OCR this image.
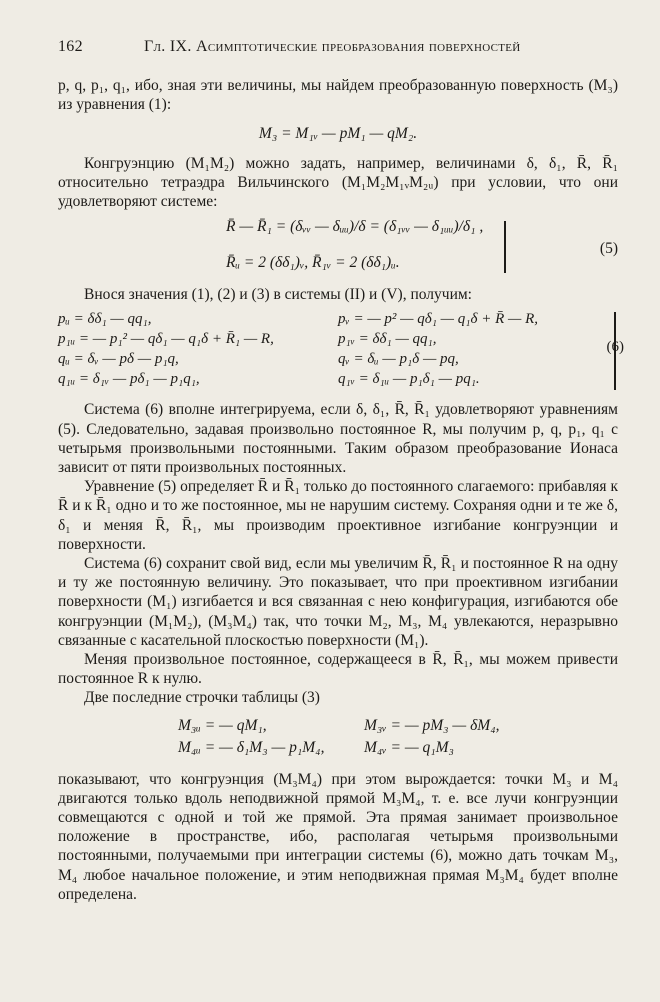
162	Гл. IX. Асимптотические преобразования поверхностей

p, q, p₁, q₁, ибо, зная эти величины, мы найдем преобразованную поверхность (M₃) из уравнения (1):

M₃ = M₁ᵥ — pM₁ — qM₂.

Конгруэнцию (M₁M₂) можно задать, например, величинами δ, δ₁, R̄, R̄₁ относительно тетраэдра Вильчинского (M₁M₂M₁ᵥM₂ᵤ) при условии, что они удовлетворяют системе:

R̄ — R̄₁ = (δᵥᵥ — δᵤᵤ)/δ = (δ₁ᵥᵥ — δ₁ᵤᵤ)/δ₁ ,
R̄ᵤ = 2 (δδ₁)ᵥ, R̄₁ᵥ = 2 (δδ₁)ᵤ.
(5)

Внося значения (1), (2) и (3) в системы (II) и (V), получим:

pᵤ = δδ₁ — qq₁,	pᵥ = — p² — qδ₁ — q₁δ + R̄ — R,
p₁ᵤ = — p₁² — qδ₁ — q₁δ + R̄₁ — R,	p₁ᵥ = δδ₁ — qq₁,
qᵤ = δᵥ — pδ — p₁q,	qᵥ = δᵤ — p₁δ — pq,
q₁ᵤ = δ₁ᵥ — pδ₁ — p₁q₁,	q₁ᵥ = δ₁ᵤ — p₁δ₁ — pq₁.
(6)

Система (6) вполне интегрируема, если δ, δ₁, R̄, R̄₁ удовлетворяют уравнениям (5). Следовательно, задавая произвольно постоянное R, мы получим p, q, p₁, q₁ с четырьмя произвольными постоянными. Таким образом преобразование Ионаса зависит от пяти произвольных постоянных.

Уравнение (5) определяет R̄ и R̄₁ только до постоянного слагаемого: прибавляя к R̄ и к R̄₁ одно и то же постоянное, мы не нарушим систему. Сохраняя одни и те же δ, δ₁ и меняя R̄, R̄₁, мы производим проективное изгибание конгруэнции и поверхности.

Система (6) сохранит свой вид, если мы увеличим R̄, R̄₁ и постоянное R на одну и ту же постоянную величину. Это показывает, что при проективном изгибании поверхности (M₁) изгибается и вся связанная с нею конфигурация, изгибаются обе конгруэнции (M₁M₂), (M₃M₄) так, что точки M₂, M₃, M₄ увлекаются, неразрывно связанные с касательной плоскостью поверхности (M₁).

Меняя произвольное постоянное, содержащееся в R̄, R̄₁, мы можем привести постоянное R к нулю.

Две последние строчки таблицы (3)

M₃ᵤ = — qM₁,	M₃ᵥ = — pM₃ — δM₄,
M₄ᵤ = — δ₁M₃ — p₁M₄,	M₄ᵥ = — q₁M₃

показывают, что конгруэнция (M₃M₄) при этом вырождается: точки M₃ и M₄ двигаются только вдоль неподвижной прямой M₃M₄, т. е. все лучи конгруэнции совмещаются с одной и той же прямой. Эта прямая занимает произвольное положение в пространстве, ибо, располагая четырьмя произвольными постоянными, получаемыми при интеграции системы (6), можно дать точкам M₃, M₄ любое начальное положение, и этим неподвижная прямая M₃M₄ будет вполне определена.
